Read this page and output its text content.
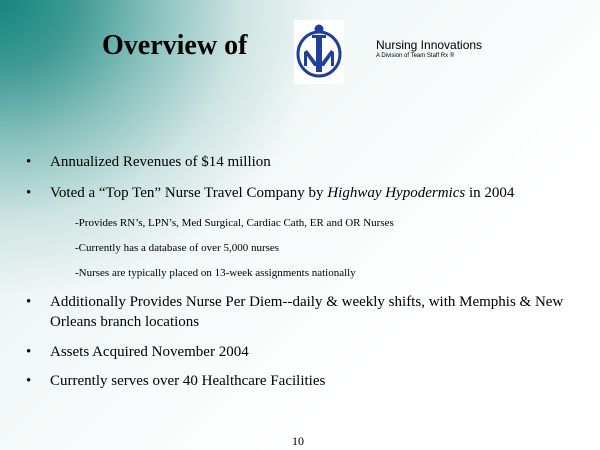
Overview of	Nursing Innovations
A Division of Team Staff Rx ®
• Annualized Revenues of $14 million
• Voted a “Top Ten” Nurse Travel Company by Highway Hypodermics in 2004
-Provides RN’s, LPN’s, Med Surgical, Cardiac Cath, ER and OR Nurses
-Currently has a database of over 5,000 nurses
-Nurses are typically placed on 13-week assignments nationally
• Additionally Provides Nurse Per Diem--daily & weekly shifts, with Memphis & New Orleans branch locations
• Assets Acquired November 2004
• Currently serves over 40 Healthcare Facilities
10
